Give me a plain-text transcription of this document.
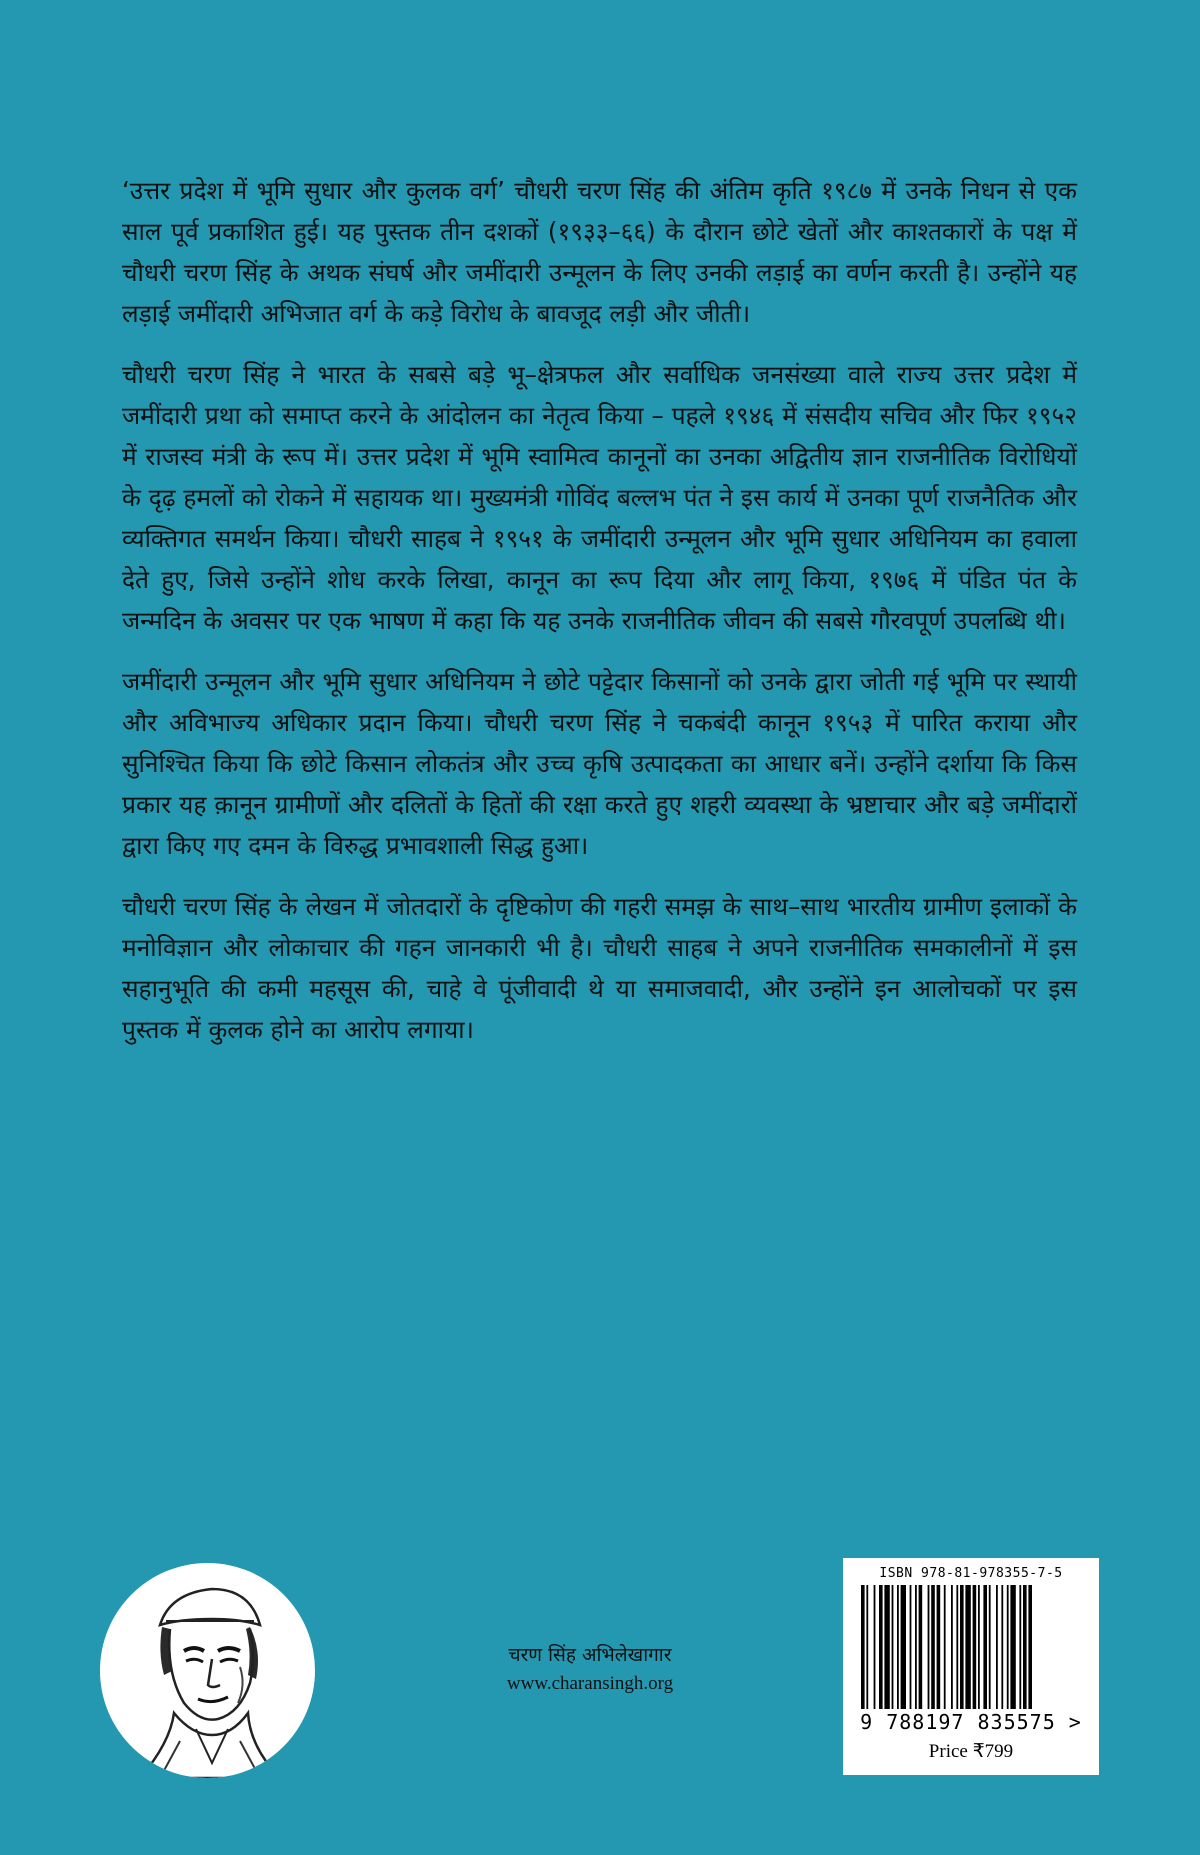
‘उत्तर प्रदेश में भूमि सुधार और कुलक वर्ग’ चौधरी चरण सिंह की अंतिम कृति १९८७ में उनके निधन से एक साल पूर्व प्रकाशित हुई। यह पुस्तक तीन दशकों (१९३३–६६) के दौरान छोटे खेतों और काश्तकारों के पक्ष में चौधरी चरण सिंह के अथक संघर्ष और जमींदारी उन्मूलन के लिए उनकी लड़ाई का वर्णन करती है। उन्होंने यह लड़ाई जमींदारी अभिजात वर्ग के कड़े विरोध के बावजूद लड़ी और जीती।

चौधरी चरण सिंह ने भारत के सबसे बड़े भू–क्षेत्रफल और सर्वाधिक जनसंख्या वाले राज्य उत्तर प्रदेश में जमींदारी प्रथा को समाप्त करने के आंदोलन का नेतृत्व किया – पहले १९४६ में संसदीय सचिव और फिर १९५२ में राजस्व मंत्री के रूप में। उत्तर प्रदेश में भूमि स्वामित्व कानूनों का उनका अद्वितीय ज्ञान राजनीतिक विरोधियों के दृढ़ हमलों को रोकने में सहायक था। मुख्यमंत्री गोविंद बल्लभ पंत ने इस कार्य में उनका पूर्ण राजनैतिक और व्यक्तिगत समर्थन किया। चौधरी साहब ने १९५१ के जमींदारी उन्मूलन और भूमि सुधार अधिनियम का हवाला देते हुए, जिसे उन्होंने शोध करके लिखा, कानून का रूप दिया और लागू किया, १९७६ में पंडित पंत के जन्मदिन के अवसर पर एक भाषण में कहा कि यह उनके राजनीतिक जीवन की सबसे गौरवपूर्ण उपलब्धि थी।

जमींदारी उन्मूलन और भूमि सुधार अधिनियम ने छोटे पट्टेदार किसानों को उनके द्वारा जोती गई भूमि पर स्थायी और अविभाज्य अधिकार प्रदान किया। चौधरी चरण सिंह ने चकबंदी कानून १९५३ में पारित कराया और सुनिश्चित किया कि छोटे किसान लोकतंत्र और उच्च कृषि उत्पादकता का आधार बनें। उन्होंने दर्शाया कि किस प्रकार यह क़ानून ग्रामीणों और दलितों के हितों की रक्षा करते हुए शहरी व्यवस्था के भ्रष्टाचार और बड़े जमींदारों द्वारा किए गए दमन के विरुद्ध प्रभावशाली सिद्ध हुआ।

चौधरी चरण सिंह के लेखन में जोतदारों के दृष्टिकोण की गहरी समझ के साथ–साथ भारतीय ग्रामीण इलाकों के मनोविज्ञान और लोकाचार की गहन जानकारी भी है। चौधरी साहब ने अपने राजनीतिक समकालीनों में इस सहानुभूति की कमी महसूस की, चाहे वे पूंजीवादी थे या समाजवादी, और उन्होंने इन आलोचकों पर इस पुस्तक में कुलक होने का आरोप लगाया।

चरण सिंह अभिलेखागार
www.charansingh.org
ISBN 978-81-978355-7-5
9 788197 835575 >
Price ₹799
